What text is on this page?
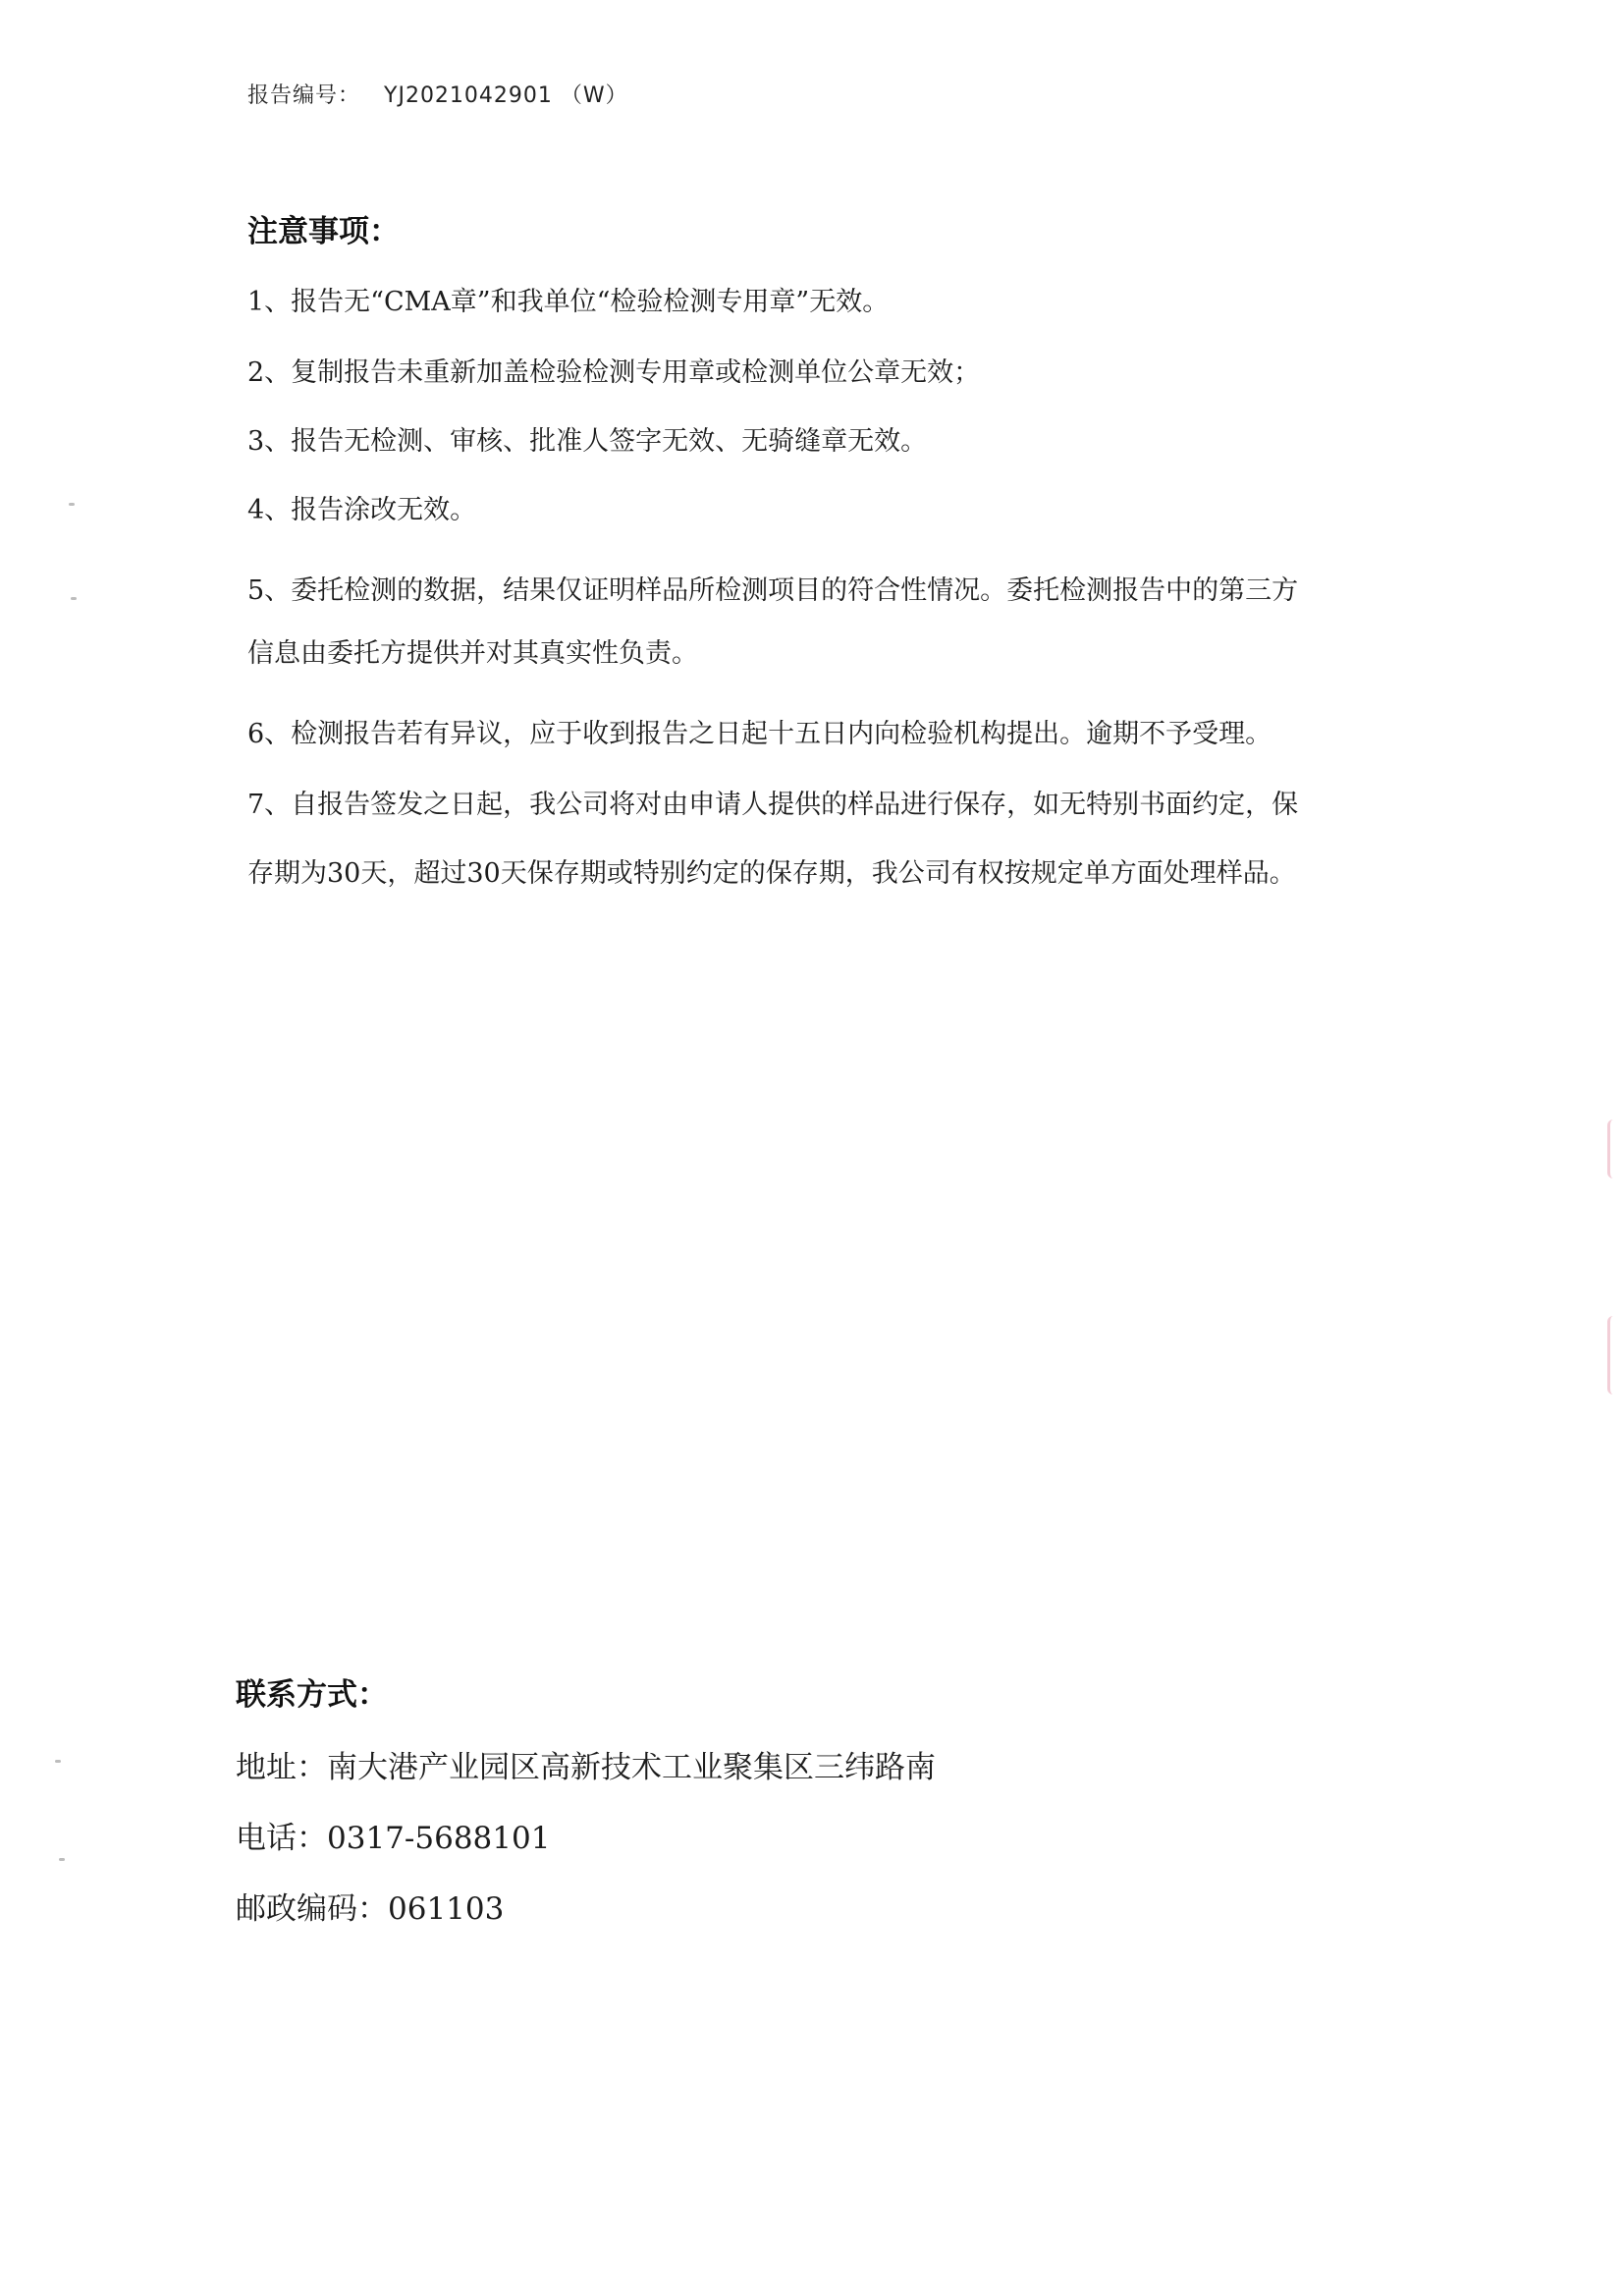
报告编号： YJ2021042901 （W）
注意事项：
1、报告无“CMA章”和我单位“检验检测专用章”无效。
2、复制报告未重新加盖检验检测专用章或检测单位公章无效；
3、报告无检测、审核、批准人签字无效、无骑缝章无效。
4、报告涂改无效。
5、委托检测的数据，结果仅证明样品所检测项目的符合性情况。委托检测报告中的第三方
信息由委托方提供并对其真实性负责。
6、检测报告若有异议，应于收到报告之日起十五日内向检验机构提出。逾期不予受理。
7、自报告签发之日起，我公司将对由申请人提供的样品进行保存，如无特别书面约定，保
存期为30天，超过30天保存期或特别约定的保存期，我公司有权按规定单方面处理样品。
联系方式：
地址：南大港产业园区高新技术工业聚集区三纬路南
电话：0317-5688101
邮政编码：061103
